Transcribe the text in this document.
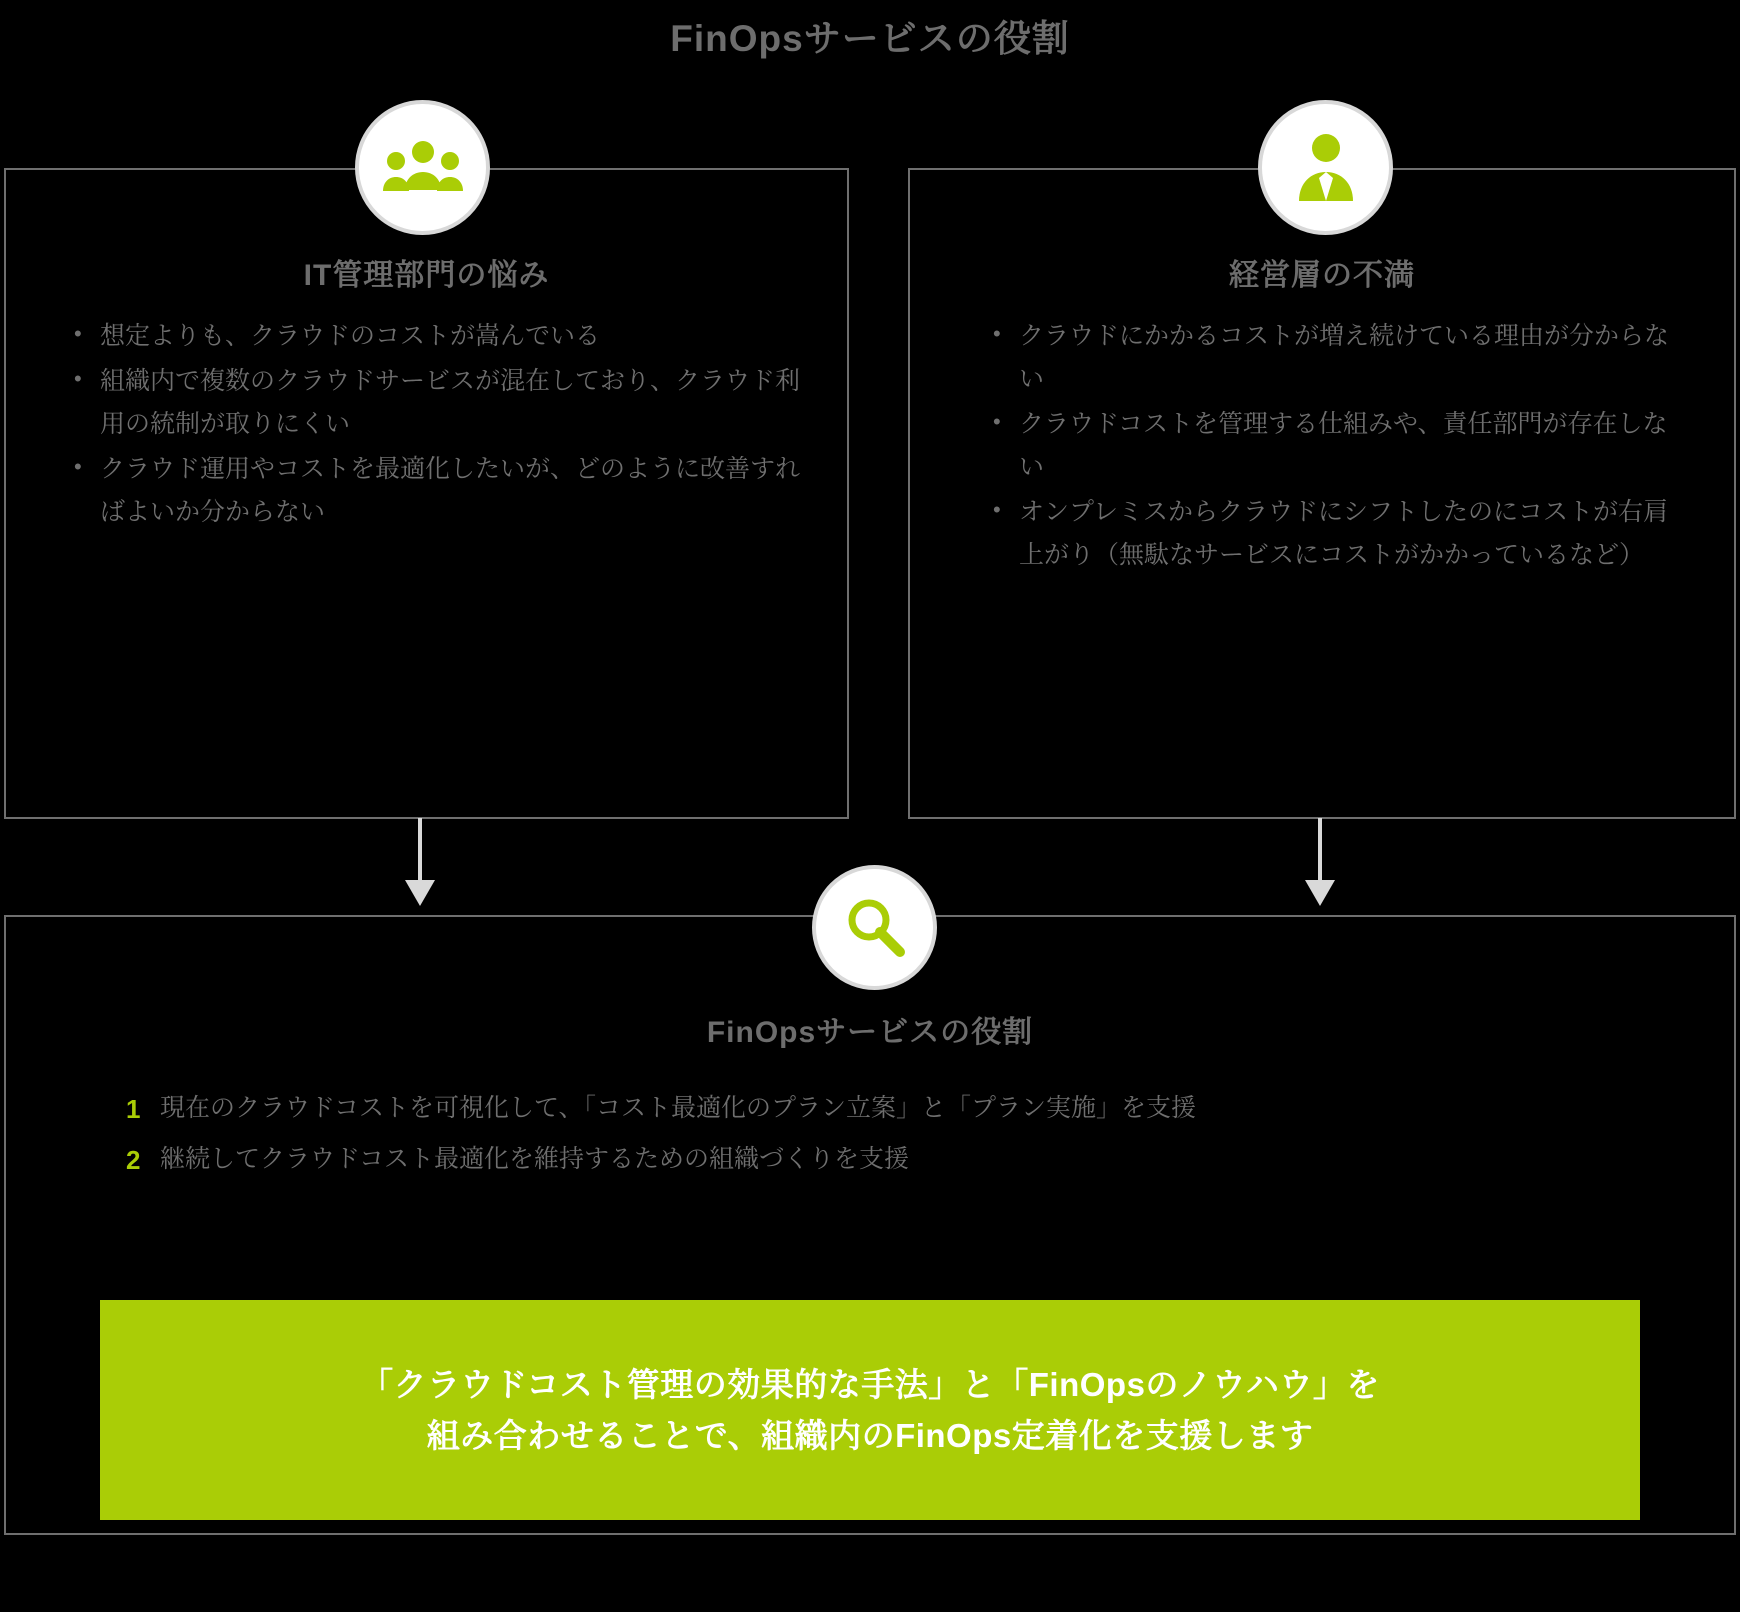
FinOpsサービスの役割
IT管理部門の悩み
• 想定よりも、クラウドのコストが嵩んでいる
• 組織内で複数のクラウドサービスが混在しており、クラウド利用の統制が取りにくい
• クラウド運用やコストを最適化したいが、どのように改善すればよいか分からない
経営層の不満
• クラウドにかかるコストが増え続けている理由が分からない
• クラウドコストを管理する仕組みや、責任部門が存在しない
• オンプレミスからクラウドにシフトしたのにコストが右肩上がり（無駄なサービスにコストがかかっているなど）
FinOpsサービスの役割
1 現在のクラウドコストを可視化して、「コスト最適化のプラン立案」と「プラン実施」を支援
2 継続してクラウドコスト最適化を維持するための組織づくりを支援
「クラウドコスト管理の効果的な手法」と「FinOpsのノウハウ」を
組み合わせることで、組織内のFinOps定着化を支援します
